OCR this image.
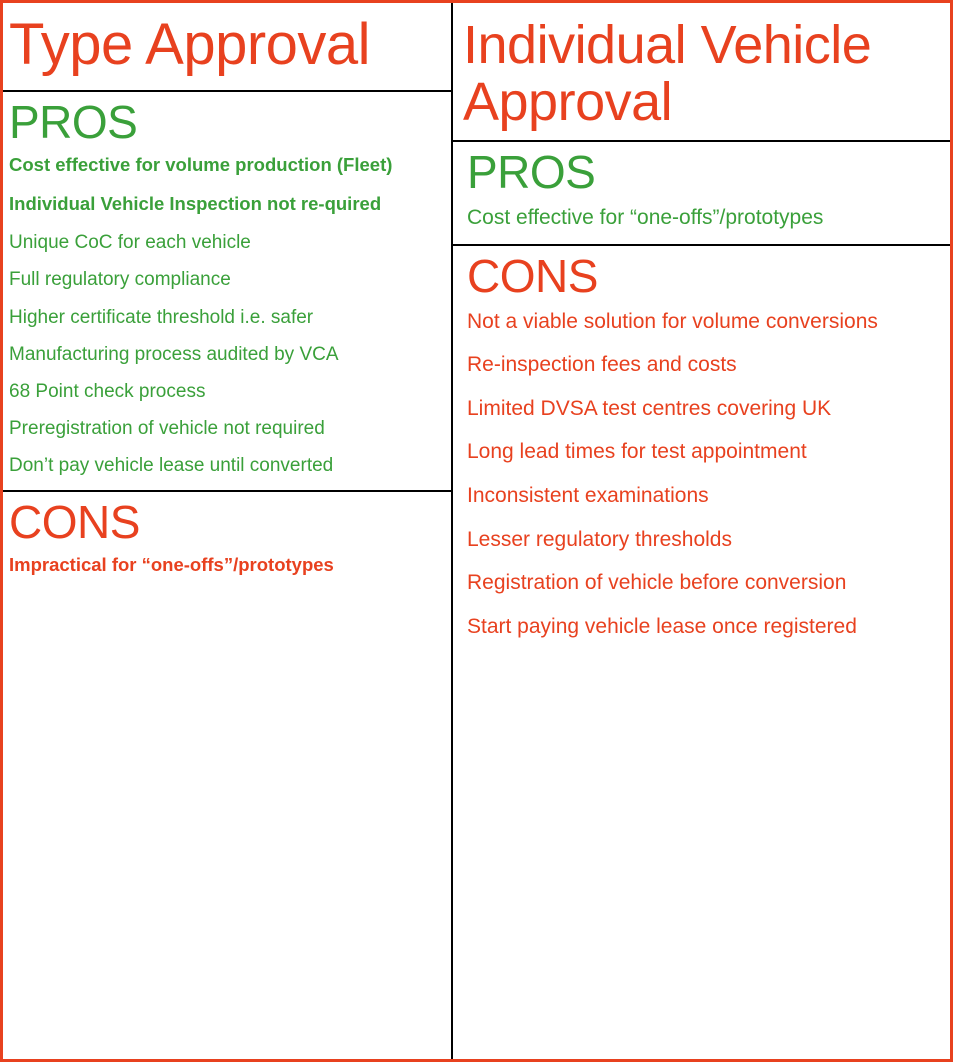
Type Approval
PROS
Cost effective for volume production (Fleet)
Individual Vehicle Inspection not re-quired
Unique CoC for each vehicle
Full regulatory compliance
Higher certificate threshold i.e. safer
Manufacturing process audited by VCA
68 Point check process
Preregistration of vehicle not required
Don’t pay vehicle lease until converted
CONS
Impractical for “one-offs”/prototypes
Individual Vehicle Approval
PROS
Cost effective for “one-offs”/prototypes
CONS
Not a viable solution for volume conversions
Re-inspection fees and costs
Limited DVSA test centres covering UK
Long lead times for test appointment
Inconsistent examinations
Lesser regulatory thresholds
Registration of vehicle before conversion
Start paying vehicle lease once registered
